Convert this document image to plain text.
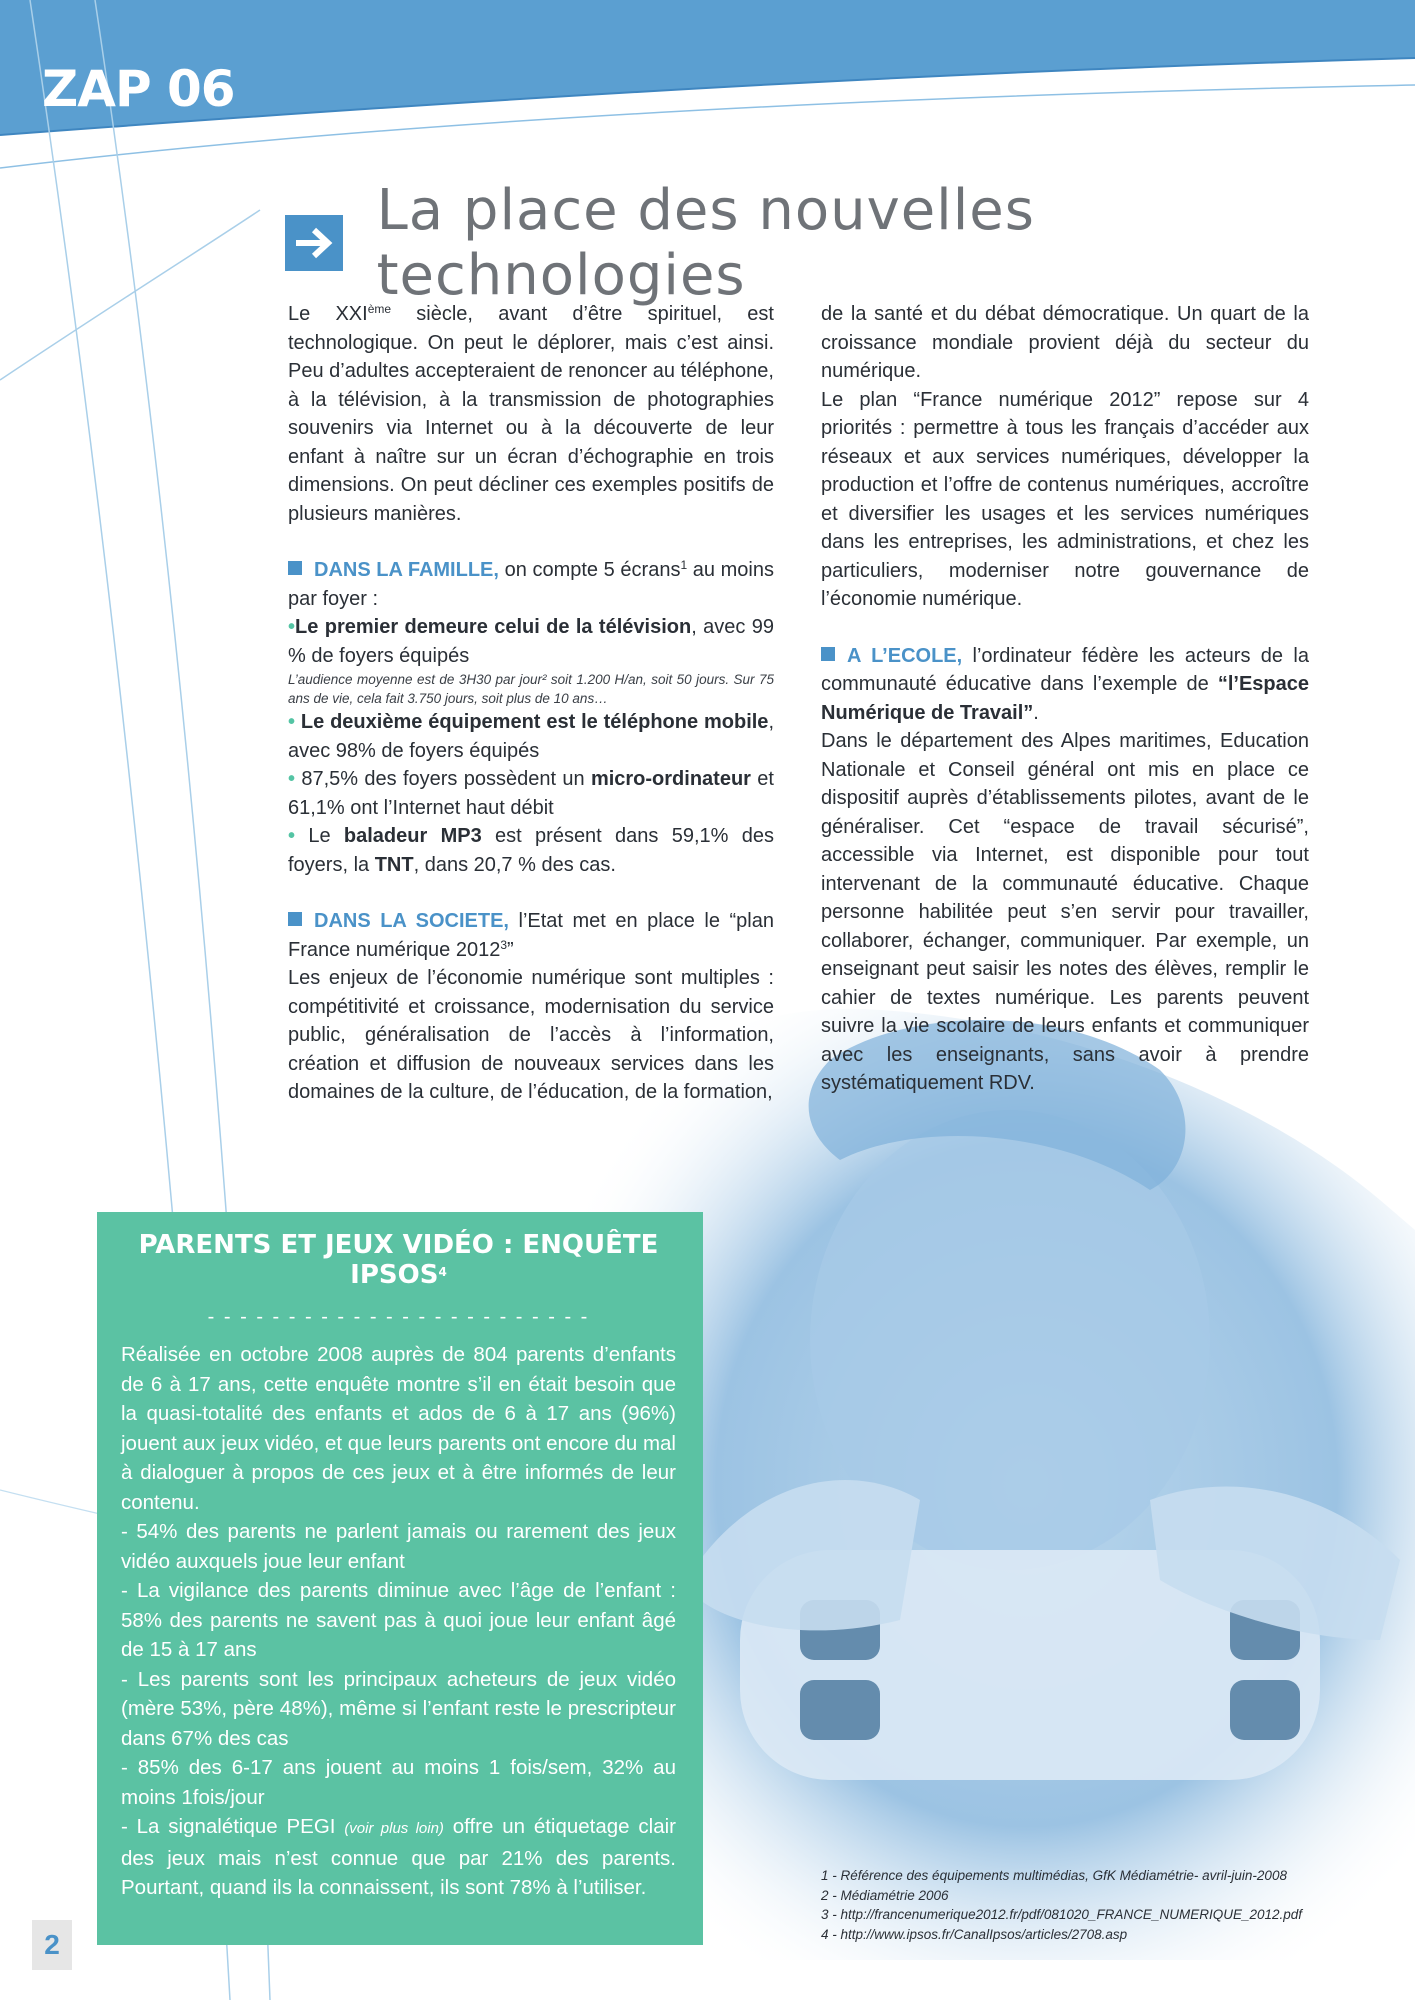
ZAP 06
La place des nouvelles technologies

Le XXIème siècle, avant d’être spirituel, est technologique. On peut le déplorer, mais c’est ainsi. Peu d’adultes accepteraient de renoncer au téléphone, à la télévision, à la transmission de photographies souvenirs via Internet ou à la découverte de leur enfant à naître sur un écran d’échographie en trois dimensions. On peut décliner ces exemples positifs de plusieurs manières.

DANS LA FAMILLE, on compte 5 écrans$^1$ au moins par foyer :

•Le premier demeure celui de la télévision, avec 99 % de foyers équipés

L’audience moyenne est de 3H30 par jour² soit 1.200 H/an, soit 50 jours. Sur 75 ans de vie, cela fait 3.750 jours, soit plus de 10 ans…

• Le deuxième équipement est le téléphone mobile, avec 98% de foyers équipés

• 87,5% des foyers possèdent un micro-ordinateur et 61,1% ont l’Internet haut débit

• Le baladeur MP3 est présent dans 59,1% des foyers, la TNT, dans 20,7 % des cas.

DANS LA SOCIETE, l’Etat met en place le “plan France numérique 2012$^3$”

Les enjeux de l’économie numérique sont multiples : compétitivité et croissance, modernisation du service public, généralisation de l’accès à l’information, création et diffusion de nouveaux services dans les domaines de la culture, de l’éducation, de la formation,

de la santé et du débat démocratique. Un quart de la croissance mondiale provient déjà du secteur du numérique.

Le plan “France numérique 2012” repose sur 4 priorités : permettre à tous les français d’accéder aux réseaux et aux services numériques, développer la production et l’offre de contenus numériques, accroître et diversifier les usages et les services numériques dans les entreprises, les administrations, et chez les particuliers, moderniser notre gouvernance de l’économie numérique.

A L’ECOLE, l’ordinateur fédère les acteurs de la communauté éducative dans l’exemple de “l’Espace Numérique de Travail”.

Dans le département des Alpes maritimes, Education Nationale et Conseil général ont mis en place ce dispositif auprès d’établissements pilotes, avant de le généraliser. Cet “espace de travail sécurisé”, accessible via Internet, est disponible pour tout intervenant de la communauté éducative. Chaque personne habilitée peut s’en servir pour travailler, collaborer, échanger, communiquer. Par exemple, un enseignant peut saisir les notes des élèves, remplir le cahier de textes numérique. Les parents peuvent suivre la vie scolaire de leurs enfants et communiquer avec les enseignants, sans avoir à prendre systématiquement RDV.

PARENTS ET JEUX VIDÉO : ENQUÊTE IPSOS$^4$
- - - - - - - - - - - - - - - - - - - - - - - -

Réalisée en octobre 2008 auprès de 804 parents d’enfants de 6 à 17 ans, cette enquête montre s’il en était besoin que la quasi-totalité des enfants et ados de 6 à 17 ans (96%) jouent aux jeux vidéo, et que leurs parents ont encore du mal à dialoguer à propos de ces jeux et à être informés de leur contenu.

- 54% des parents ne parlent jamais ou rarement des jeux vidéo auxquels joue leur enfant

- La vigilance des parents diminue avec l’âge de l’enfant : 58% des parents ne savent pas à quoi joue leur enfant âgé de 15 à 17 ans

- Les parents sont les principaux acheteurs de jeux vidéo (mère 53%, père 48%), même si l’enfant reste le prescripteur dans 67% des cas

- 85% des 6-17 ans jouent au moins 1 fois/sem, 32% au moins 1fois/jour

- La signalétique PEGI (voir plus loin) offre un étiquetage clair des jeux mais n’est connue que par 21% des parents. Pourtant, quand ils la connaissent, ils sont 78% à l’utiliser.

1 - Référence des équipements multimédias, GfK Médiamétrie- avril-juin-2008
2 - Médiamétrie 2006
3 - http://francenumerique2012.fr/pdf/081020_FRANCE_NUMERIQUE_2012.pdf
4 - http://www.ipsos.fr/CanalIpsos/articles/2708.asp
2
